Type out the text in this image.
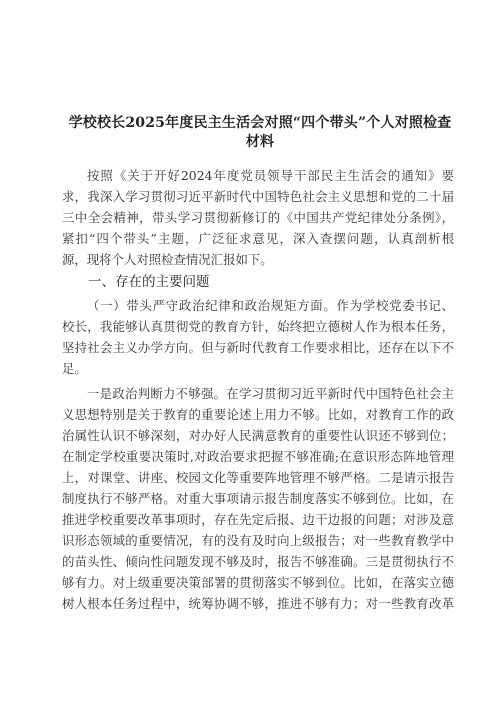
学校校长2025年度民主生活会对照“四个带头”个人对照检查
材料
按照《关于开好2024年度党员领导干部民主生活会的通知》要
求，我深入学习贯彻习近平新时代中国特色社会主义思想和党的二十届
三中全会精神，带头学习贯彻新修订的《中国共产党纪律处分条例》，
紧扣“四个带头”主题，广泛征求意见，深入查摆问题，认真剖析根
源，现将个人对照检查情况汇报如下。
一、存在的主要问题
（一）带头严守政治纪律和政治规矩方面。作为学校党委书记、
校长，我能够认真贯彻党的教育方针，始终把立德树人作为根本任务，
坚持社会主义办学方向。但与新时代教育工作要求相比，还存在以下不
足。
一是政治判断力不够强。在学习贯彻习近平新时代中国特色社会主
义思想特别是关于教育的重要论述上用力不够。比如，对教育工作的政
治属性认识不够深刻，对办好人民满意教育的重要性认识还不够到位；
在制定学校重要决策时,对政治要求把握不够准确;在意识形态阵地管理
上，对课堂、讲座、校园文化等重要阵地管理不够严格。二是请示报告
制度执行不够严格。对重大事项请示报告制度落实不够到位。比如，在
推进学校重要改革事项时，存在先定后报、边干边报的问题；对涉及意
识形态领域的重要情况，有的没有及时向上级报告；对一些教育教学中
的苗头性、倾向性问题发现不够及时，报告不够准确。三是贯彻执行不
够有力。对上级重要决策部署的贯彻落实不够到位。比如，在落实立德
树人根本任务过程中，统筹协调不够，推进不够有力；对一些教育改革
